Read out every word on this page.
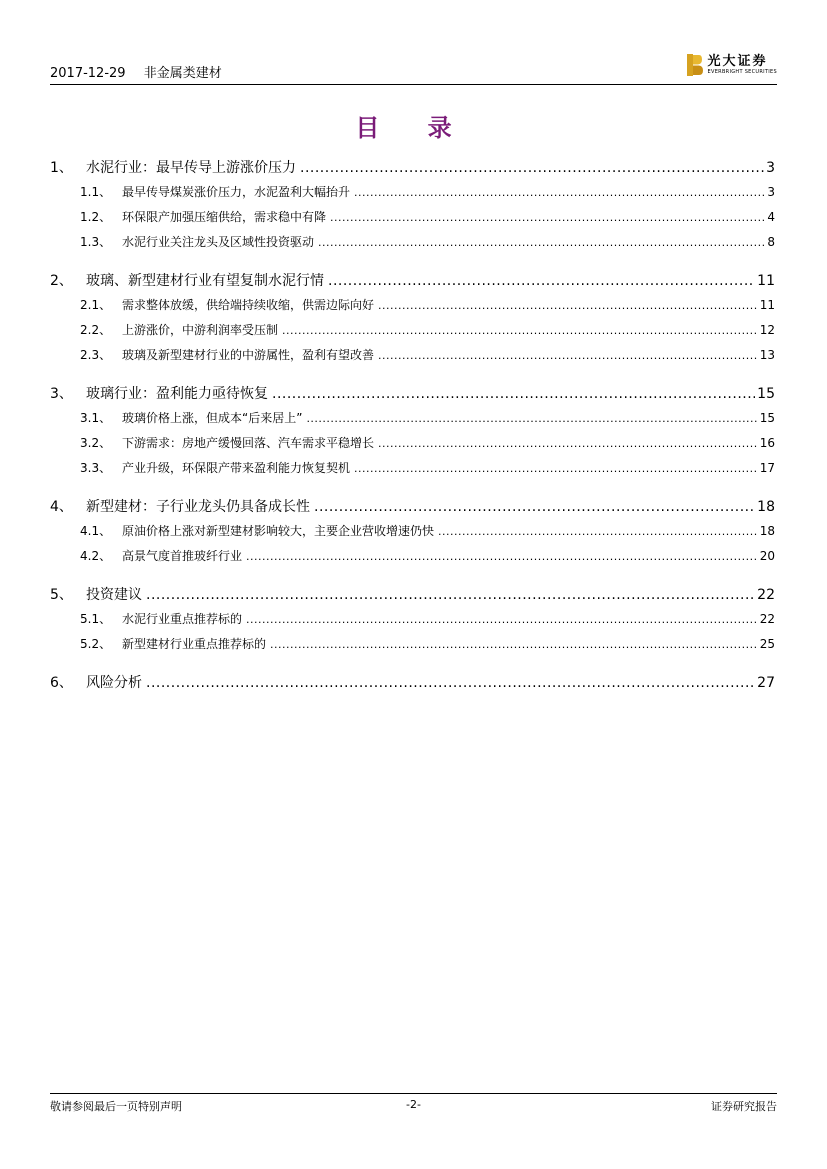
2017-12-29 非金属类建材
光大证券
EVERBRIGHT SECURITIES
目 录
1、 水泥行业：最早传导上游涨价压力 .....	3
1.1、 最早传导煤炭涨价压力，水泥盈利大幅抬升 .....	3
1.2、 环保限产加强压缩供给，需求稳中有降 .....	4
1.3、 水泥行业关注龙头及区域性投资驱动 .....	8
2、 玻璃、新型建材行业有望复制水泥行情 .....	11
2.1、 需求整体放缓，供给端持续收缩，供需边际向好 .....	11
2.2、 上游涨价，中游利润率受压制 .....	12
2.3、 玻璃及新型建材行业的中游属性，盈利有望改善 .....	13
3、 玻璃行业：盈利能力亟待恢复 .....	15
3.1、 玻璃价格上涨，但成本“后来居上” .....	15
3.2、 下游需求：房地产缓慢回落、汽车需求平稳增长 .....	16
3.3、 产业升级，环保限产带来盈利能力恢复契机 .....	17
4、 新型建材：子行业龙头仍具备成长性 .....	18
4.1、 原油价格上涨对新型建材影响较大，主要企业营收增速仍快 .....	18
4.2、 高景气度首推玻纤行业 .....	20
5、 投资建议 .....	22
5.1、 水泥行业重点推荐标的 .....	22
5.2、 新型建材行业重点推荐标的 .....	25
6、 风险分析 .....	27
敬请参阅最后一页特别声明	-2-	证券研究报告
